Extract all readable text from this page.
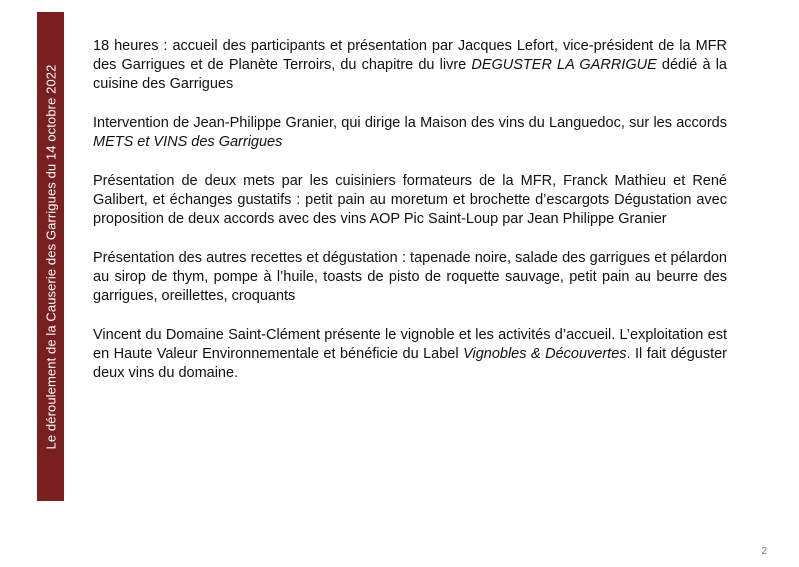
Le déroulement de la Causerie des Garrigues du 14 octobre 2022

18 heures : accueil des participants et présentation par Jacques Lefort, vice-président de la MFR des Garrigues et de Planète Terroirs, du chapitre du livre DEGUSTER LA GARRIGUE dédié à la cuisine des Garrigues

Intervention de Jean-Philippe Granier, qui dirige la Maison des vins du Languedoc, sur les accords METS et VINS des Garrigues

Présentation de deux mets par les cuisiniers formateurs de la MFR, Franck Mathieu et René Galibert, et échanges gustatifs : petit pain au moretum et brochette d’escargots Dégustation avec proposition de deux accords avec des vins AOP Pic Saint-Loup par Jean Philippe Granier

Présentation des autres recettes et dégustation : tapenade noire, salade des garrigues et pélardon au sirop de thym, pompe à l’huile, toasts de pisto de roquette sauvage, petit pain au beurre des garrigues, oreillettes, croquants

Vincent du Domaine Saint-Clément présente le vignoble et les activités d’accueil. L’exploitation est en Haute Valeur Environnementale et bénéficie du Label Vignobles & Découvertes. Il fait déguster deux vins du domaine.

2
